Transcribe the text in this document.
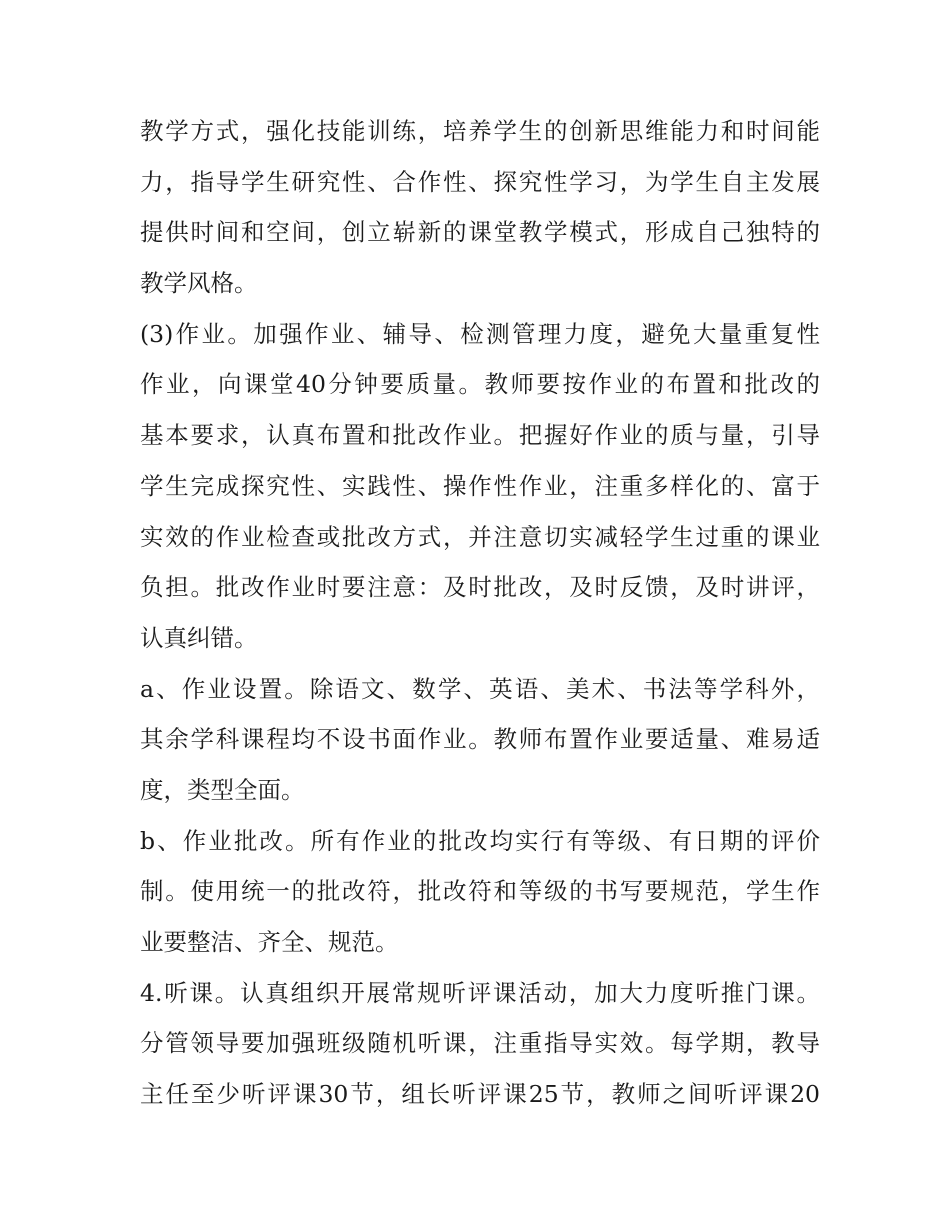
教学方式，强化技能训练，培养学生的创新思维能力和时间能
力，指导学生研究性、合作性、探究性学习，为学生自主发展
提供时间和空间，创立崭新的课堂教学模式，形成自己独特的
教学风格。
(3)作业。加强作业、辅导、检测管理力度，避免大量重复性
作业，向课堂40分钟要质量。教师要按作业的布置和批改的
基本要求，认真布置和批改作业。把握好作业的质与量，引导
学生完成探究性、实践性、操作性作业，注重多样化的、富于
实效的作业检查或批改方式，并注意切实减轻学生过重的课业
负担。批改作业时要注意：及时批改，及时反馈，及时讲评，
认真纠错。
a、作业设置。除语文、数学、英语、美术、书法等学科外，
其余学科课程均不设书面作业。教师布置作业要适量、难易适
度，类型全面。
b、作业批改。所有作业的批改均实行有等级、有日期的评价
制。使用统一的批改符，批改符和等级的书写要规范，学生作
业要整洁、齐全、规范。
4.听课。认真组织开展常规听评课活动，加大力度听推门课。
分管领导要加强班级随机听课，注重指导实效。每学期，教导
主任至少听评课30节，组长听评课25节，教师之间听评课20
